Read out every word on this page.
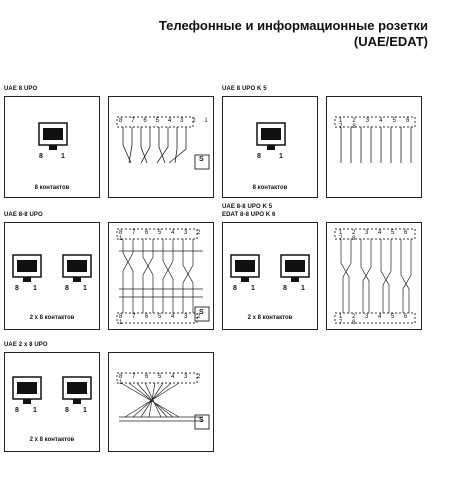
Телефонные и информационные розетки
(UAE/EDAT)
UAE 8 UPO
8	1
8 контактов
8 7 6 5 4 3 2 1
S
UAE 8 UPO K 5
8	1
8 контактов
1 2 3 4 5 6 7 8
UAE 8-8 UPO
8 1	8 1
2 x 8 контактов
8 7 6 5 4 3 2 1
8 7 6 5 4 3 2 1
S
UAE 8-8 UPO K 5
EDAT 8-8 UPO K 6
8 1	8 1
2 x 8 контактов
1 2 3 4 5 6 7 8
1 2 3 4 5 6 7 8
UAE 2 x 8 UPO
8 1	8 1
2 x 8 контактов
8 7 6 5 4 3 2 1
S
